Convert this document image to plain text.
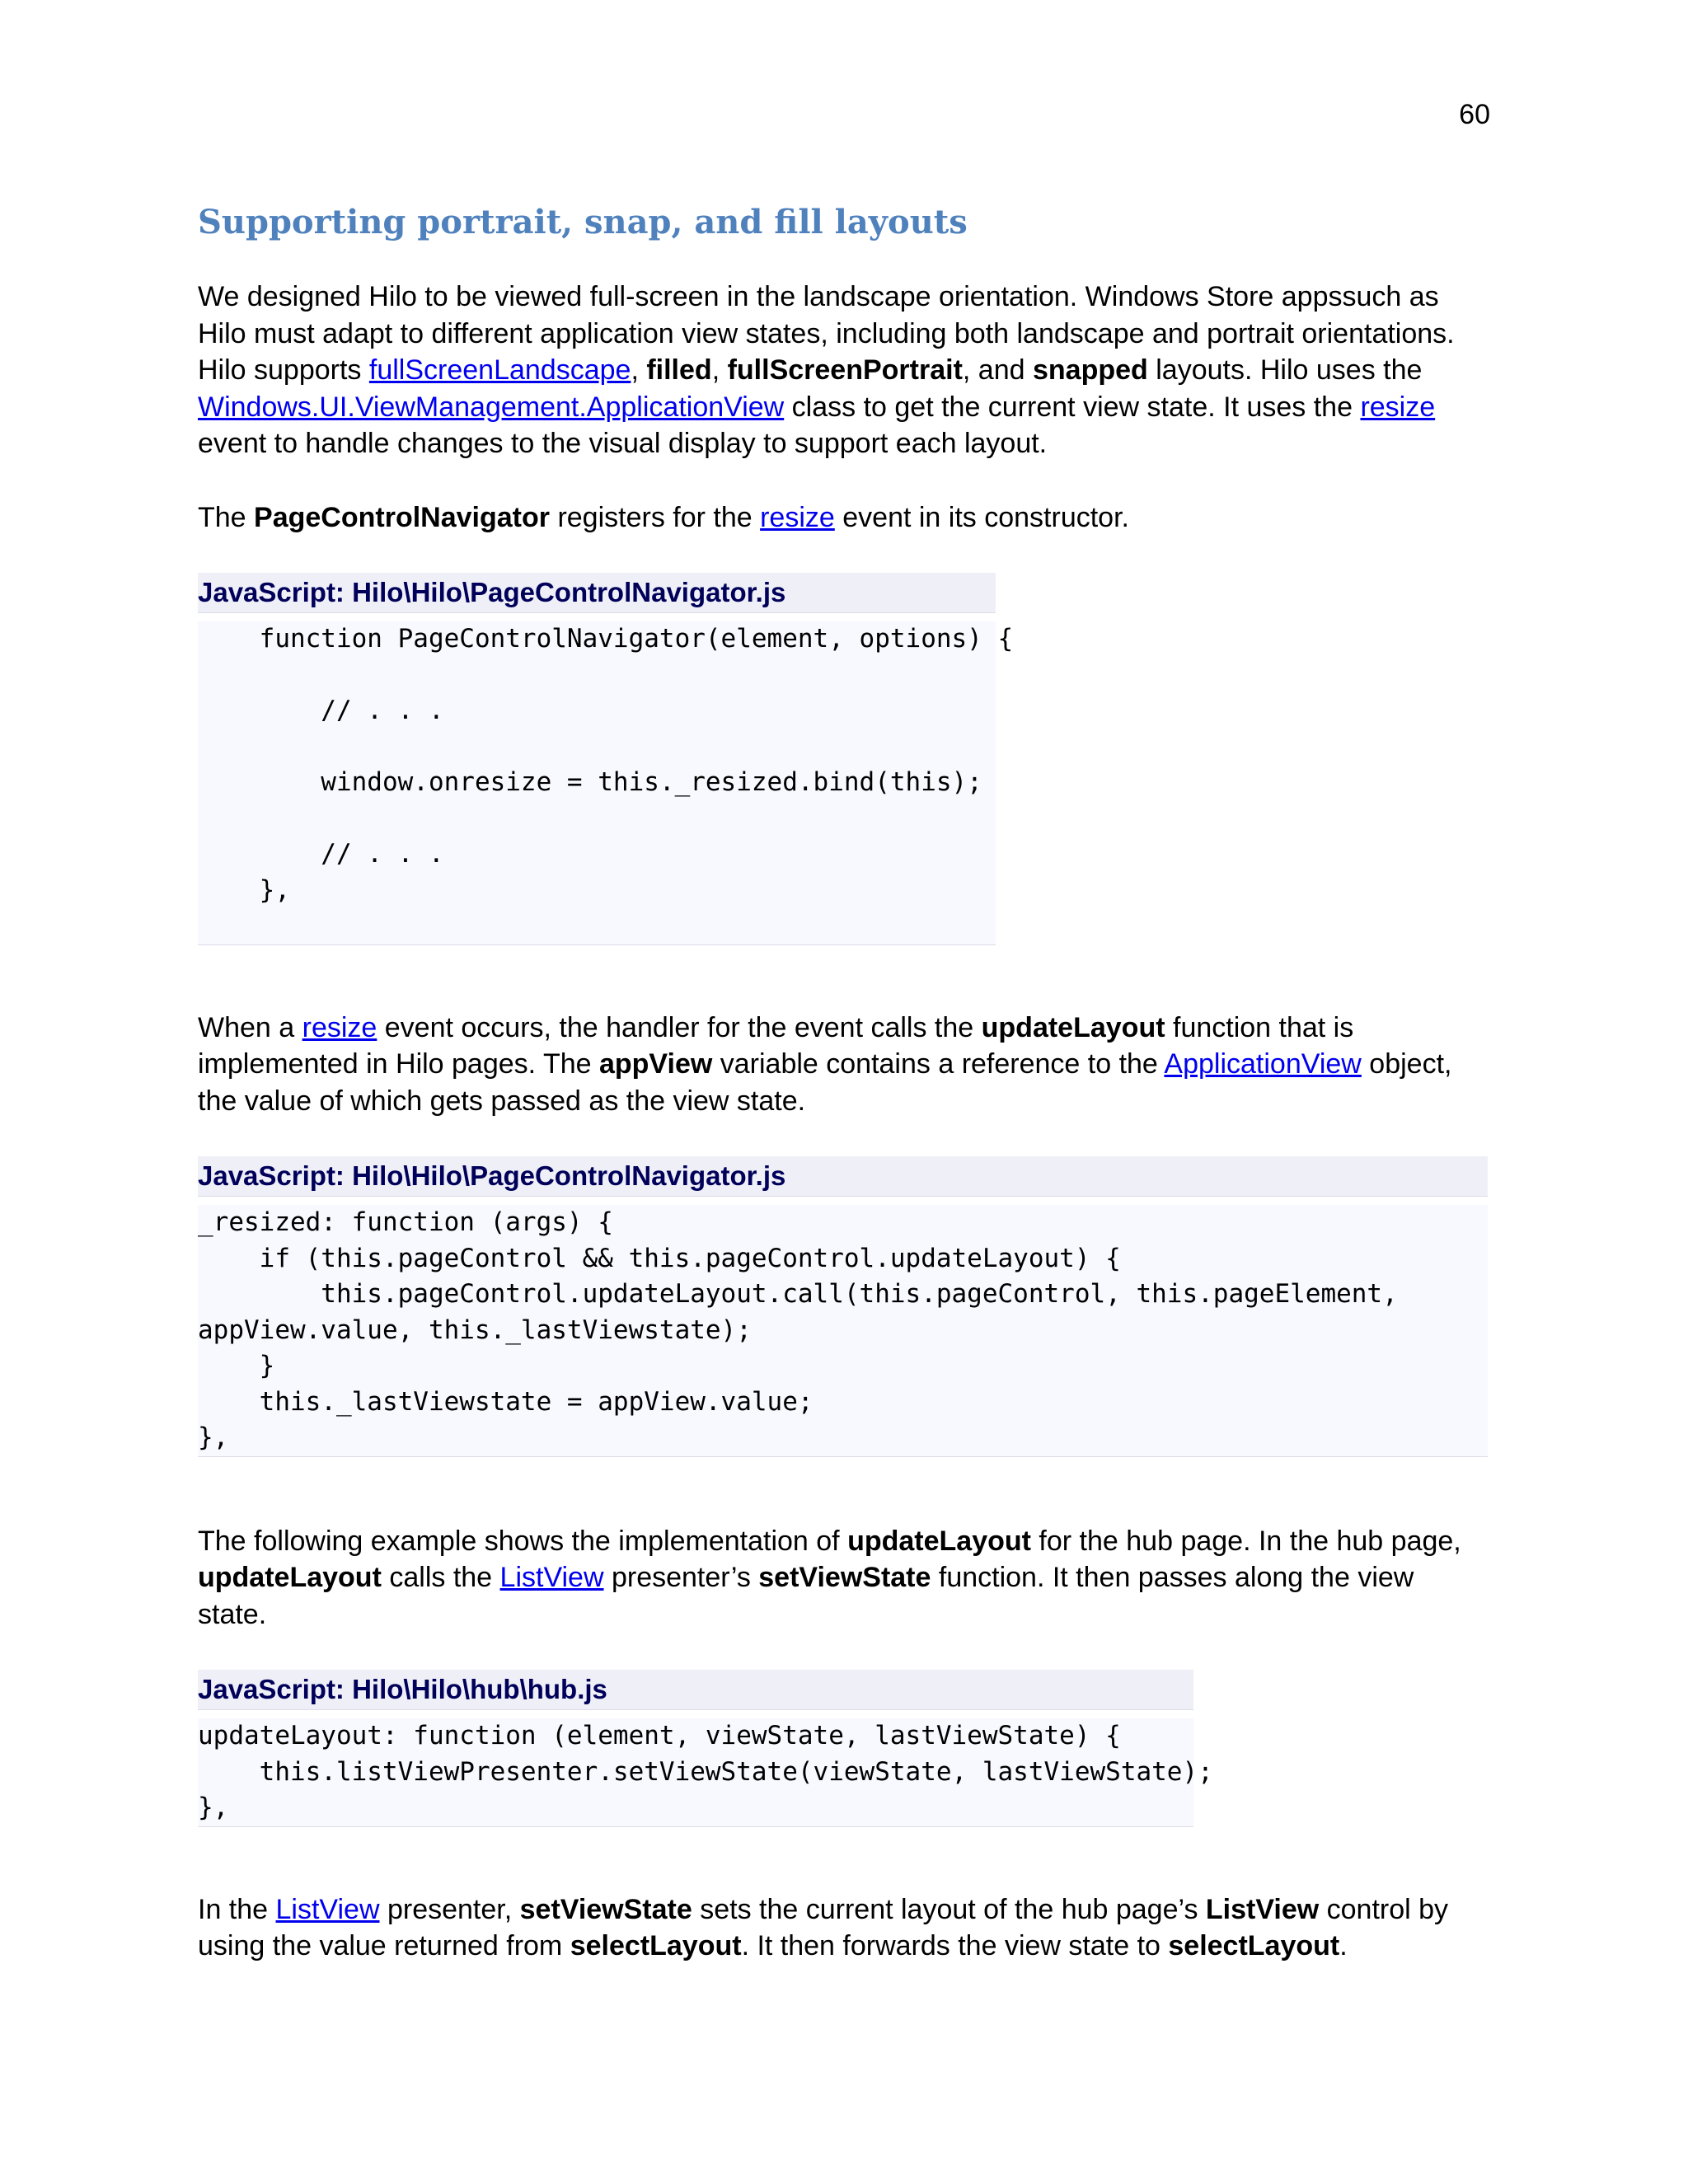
60
Supporting portrait, snap, and fill layouts

We designed Hilo to be viewed full-screen in the landscape orientation. Windows Store appssuch as Hilo must adapt to different application view states, including both landscape and portrait orientations. Hilo supports fullScreenLandscape, filled, fullScreenPortrait, and snapped layouts. Hilo uses the Windows.UI.ViewManagement.ApplicationView class to get the current view state. It uses the resize event to handle changes to the visual display to support each layout.

The PageControlNavigator registers for the resize event in its constructor.

JavaScript: Hilo\Hilo\PageControlNavigator.js
function PageControlNavigator(element, options) {
// . . .
window.onresize = this._resized.bind(this);
// . . .
},

When a resize event occurs, the handler for the event calls the updateLayout function that is implemented in Hilo pages. The appView variable contains a reference to the ApplicationView object, the value of which gets passed as the view state.

JavaScript: Hilo\Hilo\PageControlNavigator.js
_resized: function (args) {
if (this.pageControl && this.pageControl.updateLayout) {
this.pageControl.updateLayout.call(this.pageControl, this.pageElement,
appView.value, this._lastViewstate);
}
this._lastViewstate = appView.value;
},

The following example shows the implementation of updateLayout for the hub page. In the hub page, updateLayout calls the ListView presenter’s setViewState function. It then passes along the view state.

JavaScript: Hilo\Hilo\hub\hub.js
updateLayout: function (element, viewState, lastViewState) {
this.listViewPresenter.setViewState(viewState, lastViewState);
},

In the ListView presenter, setViewState sets the current layout of the hub page’s ListView control by using the value returned from selectLayout. It then forwards the view state to selectLayout.
